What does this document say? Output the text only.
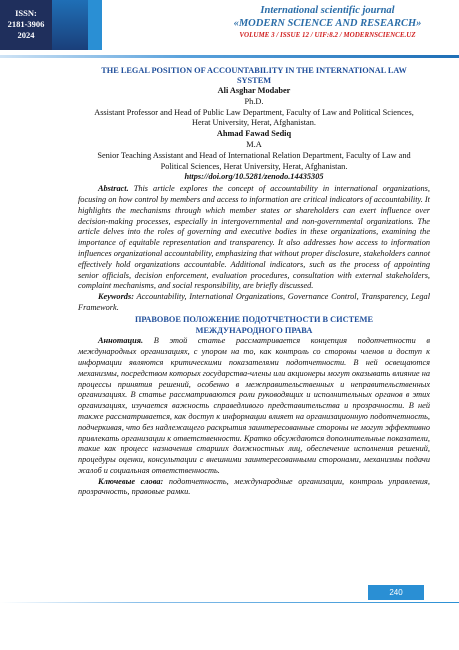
ISSN:
2181-3906
2024
International scientific journal
«MODERN SCIENCE AND RESEARCH»
VOLUME 3 / ISSUE 12 / UIF:8.2 / MODERNSCIENCE.UZ
THE LEGAL POSITION OF ACCOUNTABILITY IN THE INTERNATIONAL LAW
SYSTEM
Ali Asghar Modaber
Ph.D.
Assistant Professor and Head of Public Law Department, Faculty of Law and Political Sciences,
Herat University, Herat, Afghanistan.
Ahmad Fawad Sediq
M.A
Senior Teaching Assistant and Head of International Relation Department, Faculty of Law and
Political Sciences, Herat University, Herat, Afghanistan.
https://doi.org/10.5281/zenodo.14435305
Abstract. This article explores the concept of accountability in international organizations, focusing on how control by members and access to information are critical indicators of accountability. It highlights the mechanisms through which member states or shareholders can exert influence over decision-making processes, especially in intergovernmental and non-governmental organizations. The article delves into the roles of governing and executive bodies in these organizations, examining the importance of equitable representation and transparency. It also addresses how access to information influences organizational accountability, emphasizing that without proper disclosure, stakeholders cannot effectively hold organizations accountable. Additional indicators, such as the process of appointing senior officials, decision enforcement, evaluation procedures, consultation with external stakeholders, complaint mechanisms, and social responsibility, are briefly discussed.
Keywords: Accountability, International Organizations, Governance Control, Transparency, Legal Framework.
ПРАВОВОЕ ПОЛОЖЕНИЕ ПОДОТЧЕТНОСТИ В СИСТЕМЕ
МЕЖДУНАРОДНОГО ПРАВА
Аннотация. В этой статье рассматривается концепция подотчетности в международных организациях, с упором на то, как контроль со стороны членов и доступ к информации являются критическими показателями подотчетности. В ней освещаются механизмы, посредством которых государства-члены или акционеры могут оказывать влияние на процессы принятия решений, особенно в межправительственных и неправительственных организациях. В статье рассматриваются роли руководящих и исполнительных органов в этих организациях, изучается важность справедливого представительства и прозрачности. В ней также рассматривается, как доступ к информации влияет на организационную подотчетность, подчеркивая, что без надлежащего раскрытия заинтересованные стороны не могут эффективно привлекать организации к ответственности. Кратко обсуждаются дополнительные показатели, такие как процесс назначения старших должностных лиц, обеспечение исполнения решений, процедуры оценки, консультации с внешними заинтересованными сторонами, механизмы подачи жалоб и социальная ответственность.
Ключевые слова: подотчетность, международные организации, контроль управления, прозрачность, правовые рамки.
240
